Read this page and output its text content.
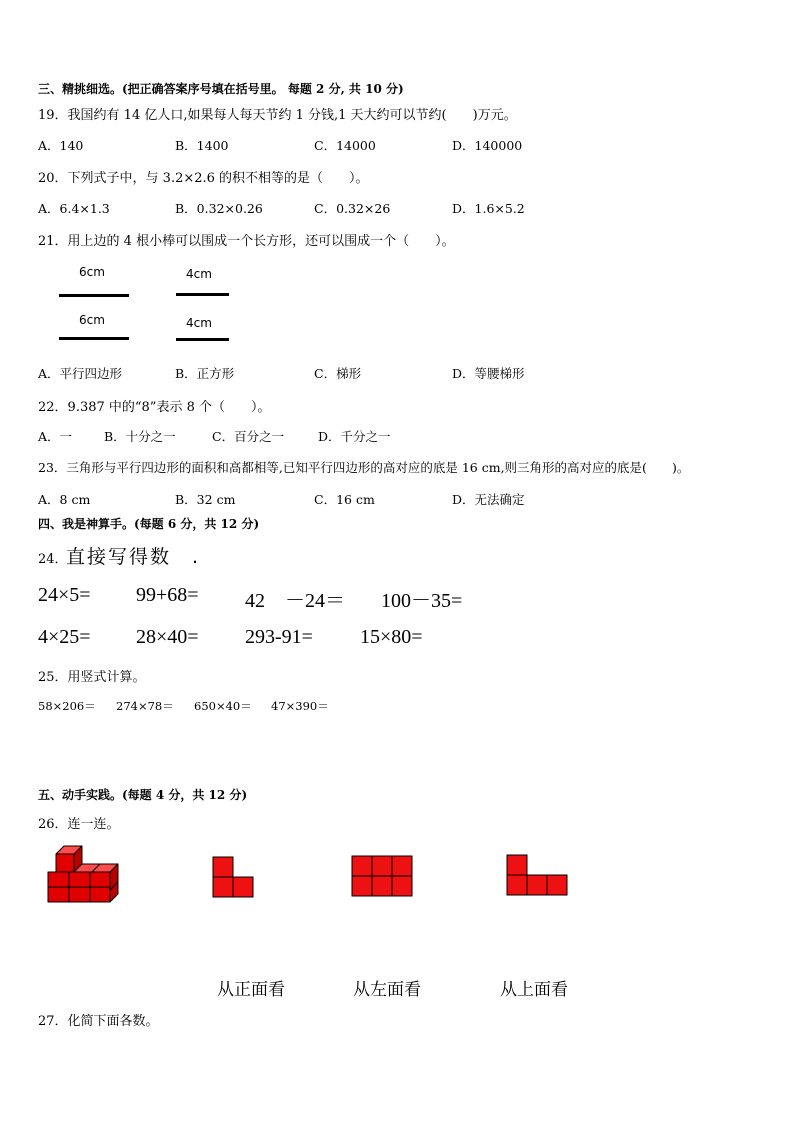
三、精挑细选。(把正确答案序号填在括号里。 每题 2 分, 共 10 分)
19．我国约有 14 亿人口,如果每人每天节约 1 分钱,1 天大约可以节约(　　)万元。
A．140	B．1400	C．14000	D．140000
20．下列式子中，与 3.2×2.6 的积不相等的是（　　）。
A．6.4×1.3	B．0.32×0.26	C．0.32×26	D．1.6×5.2
21．用上边的 4 根小棒可以围成一个长方形，还可以围成一个（　　）。
6cm
6cm
4cm
4cm
A．平行四边形	B．正方形	C．梯形	D．等腰梯形
22．9.387 中的“8”表示 8 个（　　）。
A．一	B．十分之一	C．百分之一	D．千分之一
23．三角形与平行四边形的面积和高都相等,已知平行四边形的高对应的底是 16 cm,则三角形的高对应的底是(　　)。
A．8 cm	B．32 cm	C．16 cm	D．无法确定
四、我是神算手。(每题 6 分，共 12 分)
24．
直接写得数　.
24×5= 99+68= 42　－24＝ 100－35=
4×25= 28×40= 293-91= 15×80=
25．用竖式计算。
58×206＝ 274×78＝ 650×40＝ 47×390＝
五、动手实践。(每题 4 分，共 12 分)
26．连一连。
从正面看	从左面看	从上面看
27．化简下面各数。
